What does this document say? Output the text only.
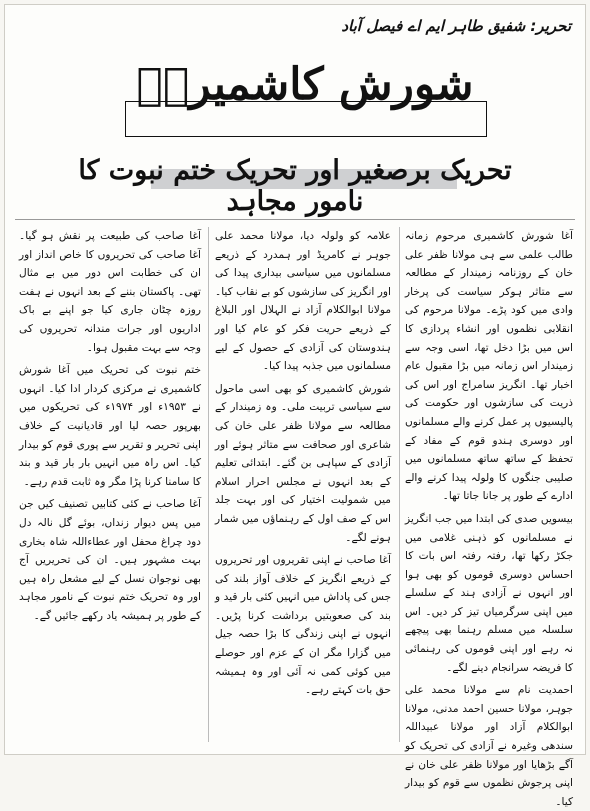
تحریر: شفیق طاہر ایم اے فیصل آباد
شورش کاشمیریؒ
تحریک برصغیر اور تحریک ختم نبوت کا نامور مجاہد

آغا شورش کاشمیری مرحوم زمانہ طالب علمی سے ہی مولانا ظفر علی خان کے روزنامہ زمیندار کے مطالعہ سے متاثر ہوکر سیاست کی پرخار وادی میں کود پڑے۔ مولانا مرحوم کی انقلابی نظموں اور انشاء پردازی کا اس میں بڑا دخل تھا، اسی وجہ سے زمیندار اس زمانہ میں بڑا مقبول عام اخبار تھا۔ انگریز سامراج اور اس کی ذریت کی سازشوں اور حکومت کی پالیسیوں پر عمل کرنے والے مسلمانوں اور دوسری ہندو قوم کے مفاد کے تحفظ کے ساتھ ساتھ مسلمانوں میں صلیبی جنگوں کا ولولہ پیدا کرنے والے ادارے کے طور پر جانا جاتا تھا۔

بیسویں صدی کی ابتدا میں جب انگریز نے مسلمانوں کو ذہنی غلامی میں جکڑ رکھا تھا، رفتہ رفتہ اس بات کا احساس دوسری قوموں کو بھی ہوا اور انہوں نے آزادی ہند کے سلسلے میں اپنی سرگرمیاں تیز کر دیں۔ اس سلسلہ میں مسلم رہنما بھی پیچھے نہ رہے اور اپنی قوموں کی رہنمائی کا فریضہ سرانجام دینے لگے۔

احمدیت نام سے مولانا محمد علی جوہر، مولانا حسین احمد مدنی، مولانا ابوالکلام آزاد اور مولانا عبیداللہ سندھی وغیرہ نے آزادی کی تحریک کو آگے بڑھایا اور مولانا ظفر علی خان نے اپنی پرجوش نظموں سے قوم کو بیدار کیا۔

علامہ کو ولولہ دیا، مولانا محمد علی جوہر نے کامریڈ اور ہمدرد کے ذریعے مسلمانوں میں سیاسی بیداری پیدا کی اور انگریز کی سازشوں کو بے نقاب کیا۔ مولانا ابوالکلام آزاد نے الہلال اور البلاغ کے ذریعے حریت فکر کو عام کیا اور ہندوستان کی آزادی کے حصول کے لیے مسلمانوں میں جذبہ پیدا کیا۔

شورش کاشمیری کو بھی اسی ماحول سے سیاسی تربیت ملی۔ وہ زمیندار کے مطالعہ سے مولانا ظفر علی خان کی شاعری اور صحافت سے متاثر ہوئے اور آزادی کے سپاہی بن گئے۔ ابتدائی تعلیم کے بعد انہوں نے مجلس احرار اسلام میں شمولیت اختیار کی اور بہت جلد اس کے صف اول کے رہنماؤں میں شمار ہونے لگے۔

آغا صاحب نے اپنی تقریروں اور تحریروں کے ذریعے انگریز کے خلاف آواز بلند کی جس کی پاداش میں انہیں کئی بار قید و بند کی صعوبتیں برداشت کرنا پڑیں۔ انہوں نے اپنی زندگی کا بڑا حصہ جیل میں گزارا مگر ان کے عزم اور حوصلے میں کوئی کمی نہ آئی اور وہ ہمیشہ حق بات کہتے رہے۔

آغا صاحب کی طبیعت پر نقش ہو گیا۔ آغا صاحب کی تحریروں کا خاص انداز اور ان کی خطابت اس دور میں بے مثال تھی۔ پاکستان بننے کے بعد انہوں نے ہفت روزہ چٹان جاری کیا جو اپنے بے باک اداریوں اور جرات مندانہ تحریروں کی وجہ سے بہت مقبول ہوا۔

ختم نبوت کی تحریک میں آغا شورش کاشمیری نے مرکزی کردار ادا کیا۔ انہوں نے ۱۹۵۳ء اور ۱۹۷۴ء کی تحریکوں میں بھرپور حصہ لیا اور قادیانیت کے خلاف اپنی تحریر و تقریر سے پوری قوم کو بیدار کیا۔ اس راہ میں انہیں بار بار قید و بند کا سامنا کرنا پڑا مگر وہ ثابت قدم رہے۔

آغا صاحب نے کئی کتابیں تصنیف کیں جن میں پس دیوار زنداں، بوئے گل نالہ دل دود چراغ محفل اور عطاءاللہ شاہ بخاری بہت مشہور ہیں۔ ان کی تحریریں آج بھی نوجوان نسل کے لیے مشعل راہ ہیں اور وہ تحریک ختم نبوت کے نامور مجاہد کے طور پر ہمیشہ یاد رکھے جائیں گے۔
